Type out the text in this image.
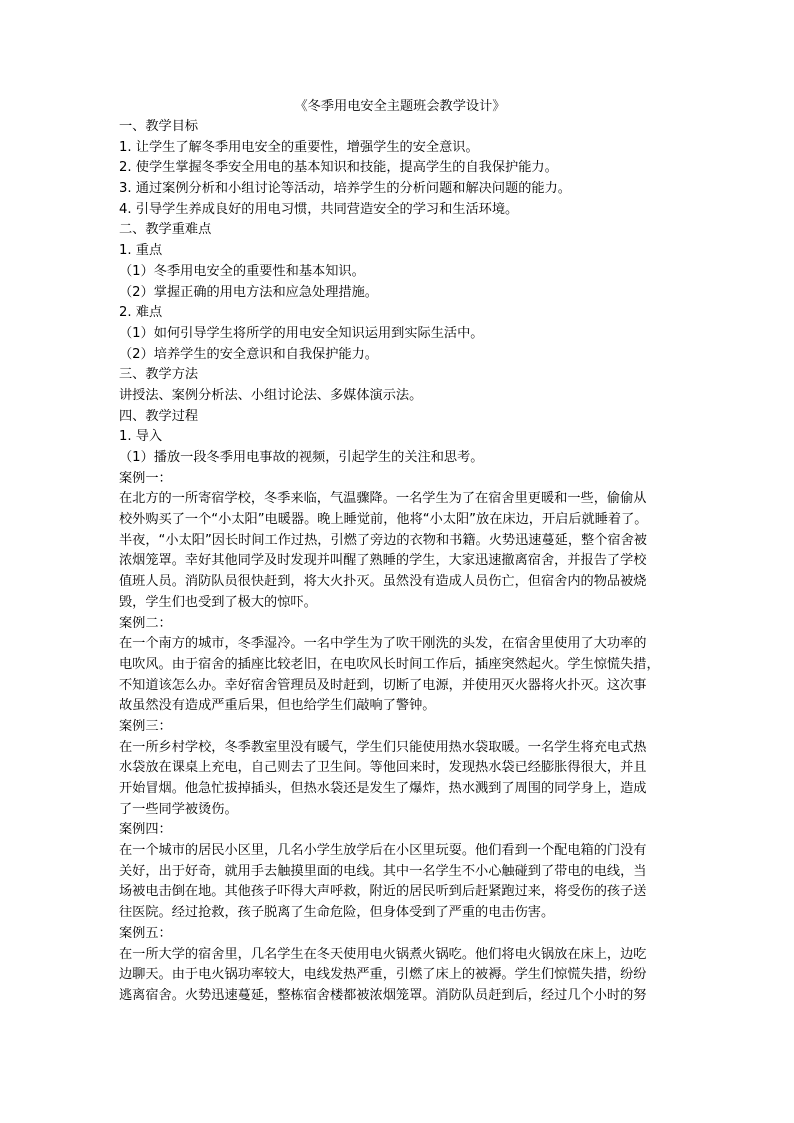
《冬季用电安全主题班会教学设计》
一、教学目标
1. 让学生了解冬季用电安全的重要性，增强学生的安全意识。
2. 使学生掌握冬季安全用电的基本知识和技能，提高学生的自我保护能力。
3. 通过案例分析和小组讨论等活动，培养学生的分析问题和解决问题的能力。
4. 引导学生养成良好的用电习惯，共同营造安全的学习和生活环境。
二、教学重难点
1. 重点
（1）冬季用电安全的重要性和基本知识。
（2）掌握正确的用电方法和应急处理措施。
2. 难点
（1）如何引导学生将所学的用电安全知识运用到实际生活中。
（2）培养学生的安全意识和自我保护能力。
三、教学方法
讲授法、案例分析法、小组讨论法、多媒体演示法。
四、教学过程
1. 导入
（1）播放一段冬季用电事故的视频，引起学生的关注和思考。
案例一：
在北方的一所寄宿学校，冬季来临，气温骤降。一名学生为了在宿舍里更暖和一些，偷偷从
校外购买了一个“小太阳”电暖器。晚上睡觉前，他将“小太阳”放在床边，开启后就睡着了。
半夜，“小太阳”因长时间工作过热，引燃了旁边的衣物和书籍。火势迅速蔓延，整个宿舍被
浓烟笼罩。幸好其他同学及时发现并叫醒了熟睡的学生，大家迅速撤离宿舍，并报告了学校
值班人员。消防队员很快赶到，将大火扑灭。虽然没有造成人员伤亡，但宿舍内的物品被烧
毁，学生们也受到了极大的惊吓。
案例二：
在一个南方的城市，冬季湿冷。一名中学生为了吹干刚洗的头发，在宿舍里使用了大功率的
电吹风。由于宿舍的插座比较老旧，在电吹风长时间工作后，插座突然起火。学生惊慌失措，
不知道该怎么办。幸好宿舍管理员及时赶到，切断了电源，并使用灭火器将火扑灭。这次事
故虽然没有造成严重后果，但也给学生们敲响了警钟。
案例三：
在一所乡村学校，冬季教室里没有暖气，学生们只能使用热水袋取暖。一名学生将充电式热
水袋放在课桌上充电，自己则去了卫生间。等他回来时，发现热水袋已经膨胀得很大，并且
开始冒烟。他急忙拔掉插头，但热水袋还是发生了爆炸，热水溅到了周围的同学身上，造成
了一些同学被烫伤。
案例四：
在一个城市的居民小区里，几名小学生放学后在小区里玩耍。他们看到一个配电箱的门没有
关好，出于好奇，就用手去触摸里面的电线。其中一名学生不小心触碰到了带电的电线，当
场被电击倒在地。其他孩子吓得大声呼救，附近的居民听到后赶紧跑过来，将受伤的孩子送
往医院。经过抢救，孩子脱离了生命危险，但身体受到了严重的电击伤害。
案例五：
在一所大学的宿舍里，几名学生在冬天使用电火锅煮火锅吃。他们将电火锅放在床上，边吃
边聊天。由于电火锅功率较大，电线发热严重，引燃了床上的被褥。学生们惊慌失措，纷纷
逃离宿舍。火势迅速蔓延，整栋宿舍楼都被浓烟笼罩。消防队员赶到后，经过几个小时的努
